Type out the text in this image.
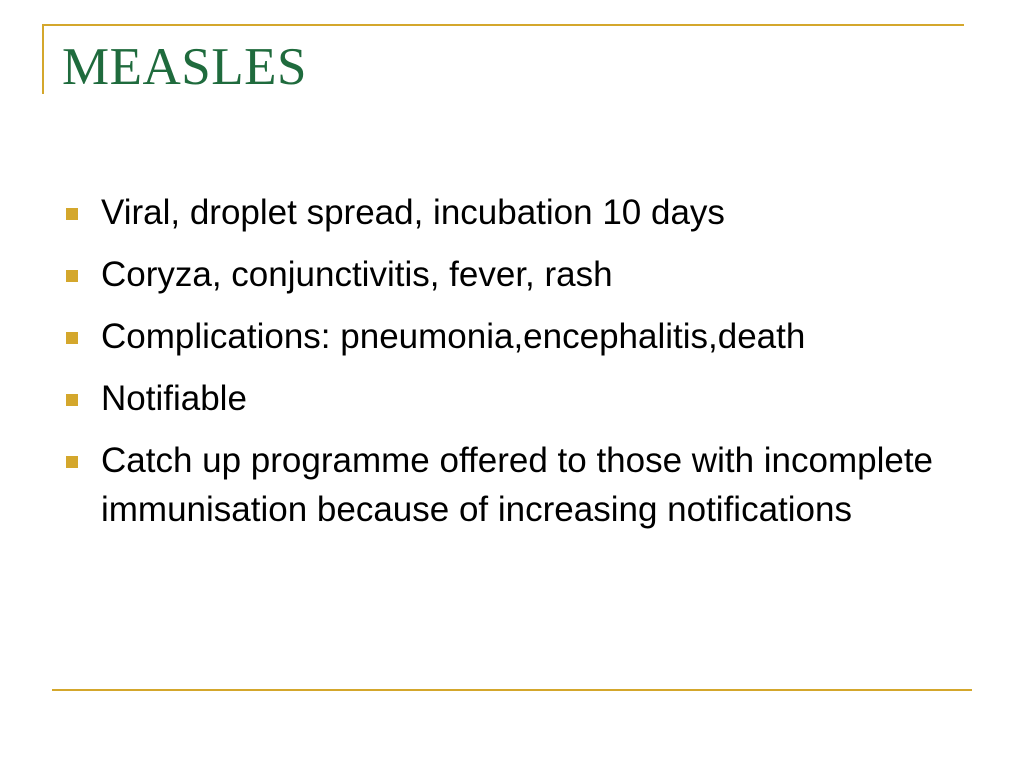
MEASLES
Viral, droplet spread, incubation 10 days
Coryza, conjunctivitis, fever, rash
Complications: pneumonia,encephalitis,death
Notifiable
Catch up programme offered to those with incomplete immunisation because of increasing notifications
